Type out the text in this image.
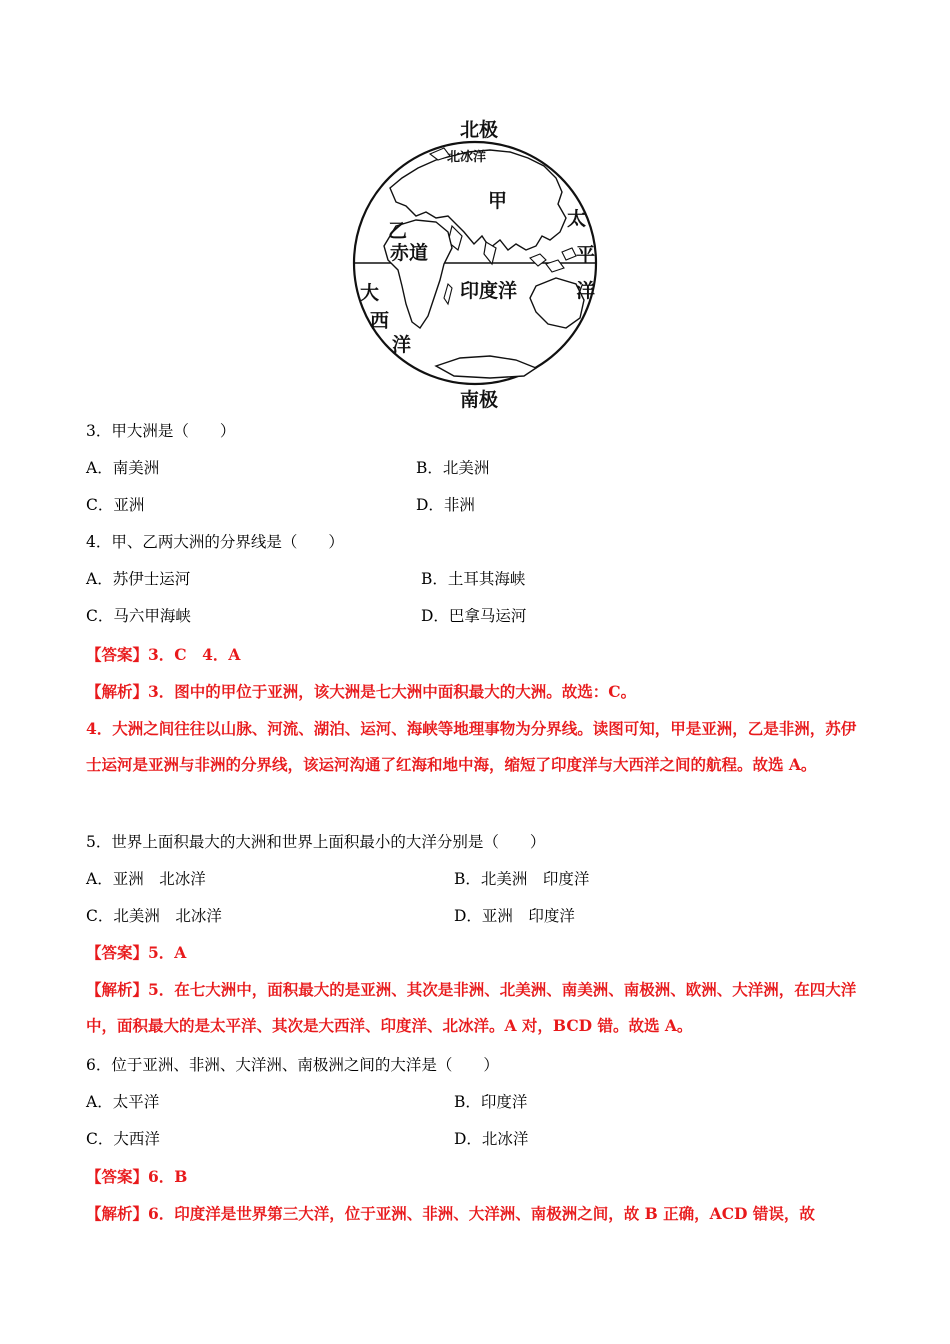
北极
北冰洋
甲
乙
赤道
印度洋
太
平
洋
大
西
洋
南极
3．甲大洲是（　　）
A．南美洲	B．北美洲
C．亚洲	D．非洲
4．甲、乙两大洲的分界线是（　　）
A．苏伊士运河	B．土耳其海峡
C．马六甲海峡	D．巴拿马运河
【答案】3．C　4．A
【解析】3．图中的甲位于亚洲，该大洲是七大洲中面积最大的大洲。故选：C。
4．大洲之间往往以山脉、河流、湖泊、运河、海峡等地理事物为分界线。读图可知，甲是亚洲，乙是非洲，苏伊士运河是亚洲与非洲的分界线，该运河沟通了红海和地中海，缩短了印度洋与大西洋之间的航程。故选 A。
5．世界上面积最大的大洲和世界上面积最小的大洋分别是（　　）
A．亚洲　北冰洋	B．北美洲　印度洋
C．北美洲　北冰洋	D．亚洲　印度洋
【答案】5．A
【解析】5．在七大洲中，面积最大的是亚洲、其次是非洲、北美洲、南美洲、南极洲、欧洲、大洋洲，在四大洋中，面积最大的是太平洋、其次是大西洋、印度洋、北冰洋。A 对，BCD 错。故选 A。
6．位于亚洲、非洲、大洋洲、南极洲之间的大洋是（　　）
A．太平洋	B．印度洋
C．大西洋	D．北冰洋
【答案】6．B
【解析】6．印度洋是世界第三大洋，位于亚洲、非洲、大洋洲、南极洲之间，故 B 正确，ACD 错误，故
